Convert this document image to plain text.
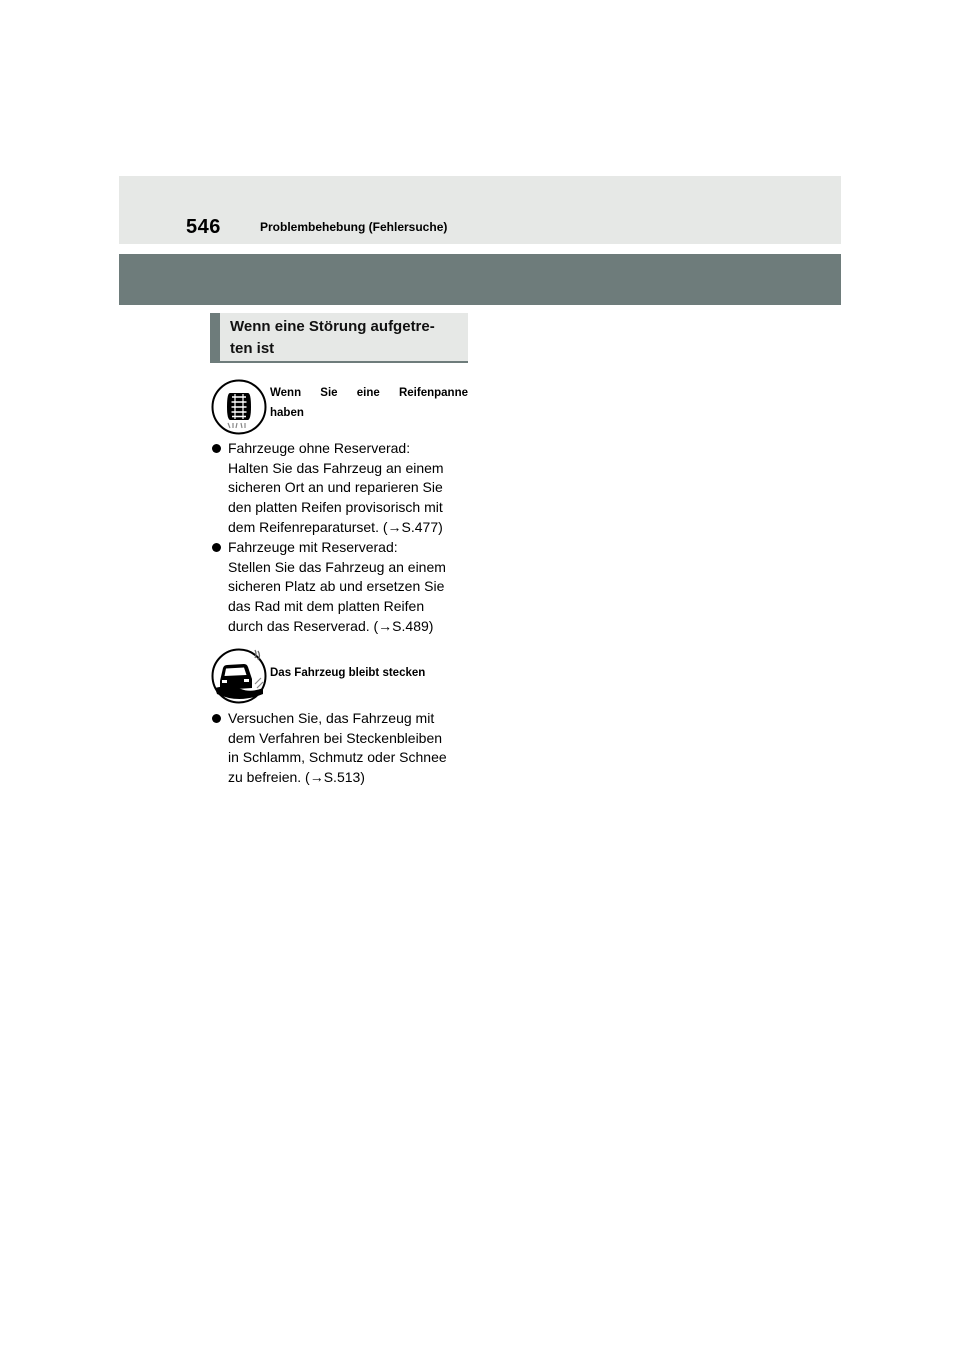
546	Problembehebung (Fehlersuche)
Wenn eine Störung aufgetre-
ten ist
Wenn Sie eine Reifenpanne
haben
Fahrzeuge ohne Reserverad:
Halten Sie das Fahrzeug an einem
sicheren Ort an und reparieren Sie
den platten Reifen provisorisch mit
dem Reifenreparaturset. (→S.477)
Fahrzeuge mit Reserverad:
Stellen Sie das Fahrzeug an einem
sicheren Platz ab und ersetzen Sie
das Rad mit dem platten Reifen
durch das Reserverad. (→S.489)
Das Fahrzeug bleibt stecken
Versuchen Sie, das Fahrzeug mit
dem Verfahren bei Steckenbleiben
in Schlamm, Schmutz oder Schnee
zu befreien. (→S.513)
